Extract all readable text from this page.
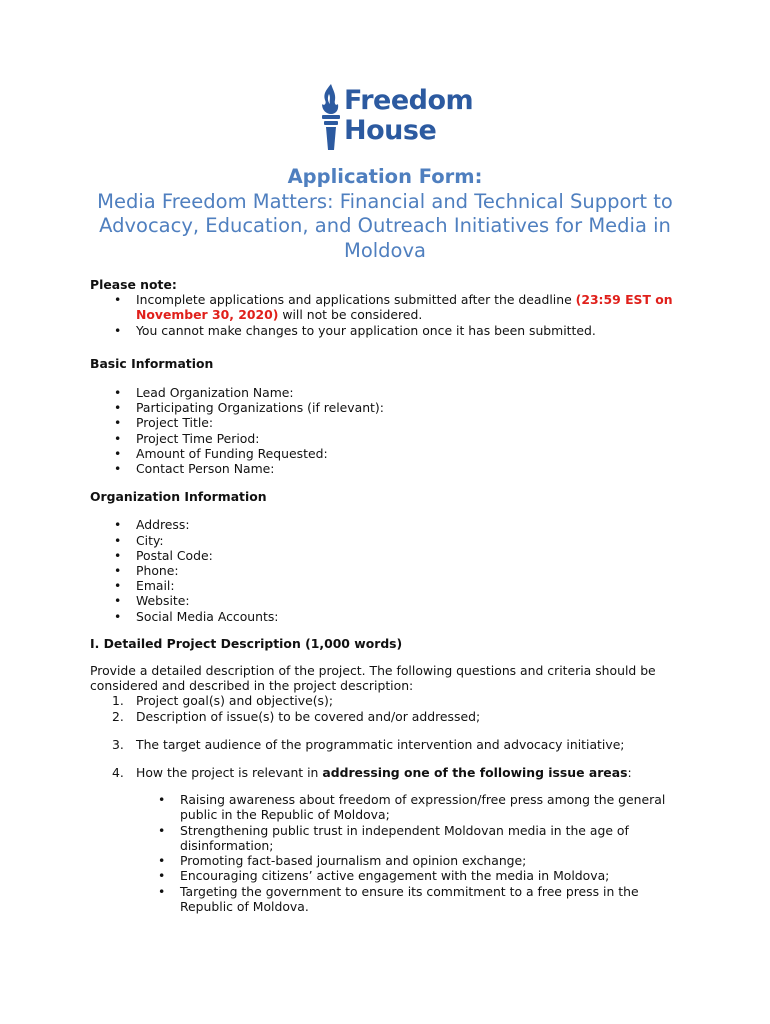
Freedom
House
Application Form:
Media Freedom Matters: Financial and Technical Support to Advocacy, Education, and Outreach Initiatives for Media in Moldova
Please note:
• Incomplete applications and applications submitted after the deadline (23:59 EST on November 30, 2020) will not be considered.
• You cannot make changes to your application once it has been submitted.
Basic Information
• Lead Organization Name:
• Participating Organizations (if relevant):
• Project Title:
• Project Time Period:
• Amount of Funding Requested:
• Contact Person Name:
Organization Information
• Address:
• City:
• Postal Code:
• Phone:
• Email:
• Website:
• Social Media Accounts:
I. Detailed Project Description (1,000 words)
Provide a detailed description of the project. The following questions and criteria should be considered and described in the project description:
1. Project goal(s) and objective(s);
2. Description of issue(s) to be covered and/or addressed;
3. The target audience of the programmatic intervention and advocacy initiative;
4. How the project is relevant in addressing one of the following issue areas:
• Raising awareness about freedom of expression/free press among the general public in the Republic of Moldova;
• Strengthening public trust in independent Moldovan media in the age of disinformation;
• Promoting fact-based journalism and opinion exchange;
• Encouraging citizens’ active engagement with the media in Moldova;
• Targeting the government to ensure its commitment to a free press in the Republic of Moldova.
